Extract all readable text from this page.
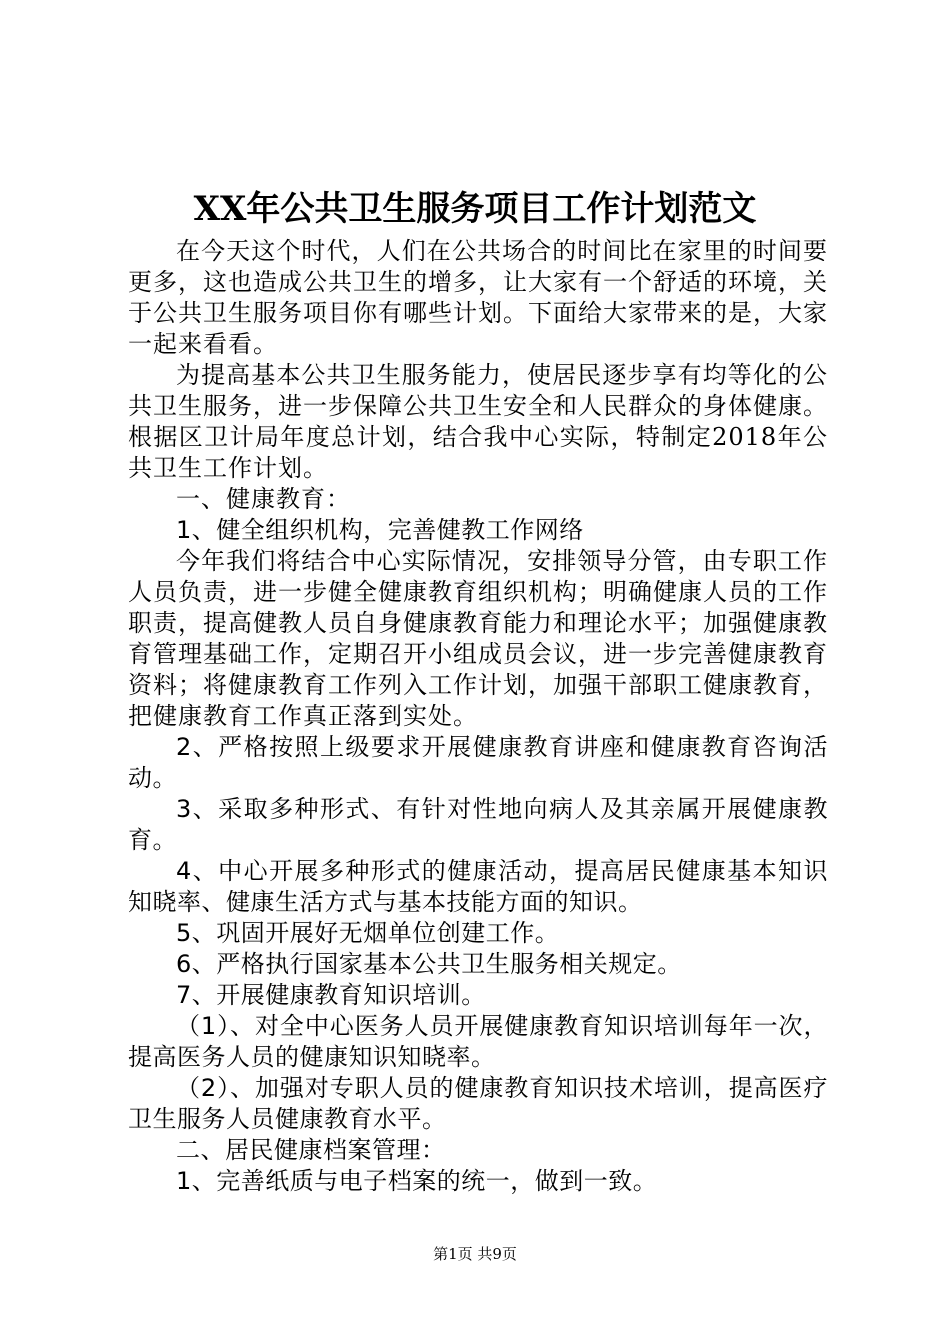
XX年公共卫生服务项目工作计划范文

在今天这个时代，人们在公共场合的时间比在家里的时间要更多，这也造成公共卫生的增多，让大家有一个舒适的环境，关于公共卫生服务项目你有哪些计划。下面给大家带来的是，大家一起来看看。

为提高基本公共卫生服务能力，使居民逐步享有均等化的公共卫生服务，进一步保障公共卫生安全和人民群众的身体健康。根据区卫计局年度总计划，结合我中心实际，特制定2018年公共卫生工作计划。

一、健康教育：

1、健全组织机构，完善健教工作网络

今年我们将结合中心实际情况，安排领导分管，由专职工作人员负责，进一步健全健康教育组织机构；明确健康人员的工作职责，提高健教人员自身健康教育能力和理论水平；加强健康教育管理基础工作，定期召开小组成员会议，进一步完善健康教育资料；将健康教育工作列入工作计划，加强干部职工健康教育，把健康教育工作真正落到实处。

2、严格按照上级要求开展健康教育讲座和健康教育咨询活动。

3、采取多种形式、有针对性地向病人及其亲属开展健康教育。

4、中心开展多种形式的健康活动，提高居民健康基本知识知晓率、健康生活方式与基本技能方面的知识。

5、巩固开展好无烟单位创建工作。

6、严格执行国家基本公共卫生服务相关规定。

7、开展健康教育知识培训。

（1）、对全中心医务人员开展健康教育知识培训每年一次，提高医务人员的健康知识知晓率。

（2）、加强对专职人员的健康教育知识技术培训，提高医疗卫生服务人员健康教育水平。

二、居民健康档案管理：

1、完善纸质与电子档案的统一，做到一致。

第1页 共9页
